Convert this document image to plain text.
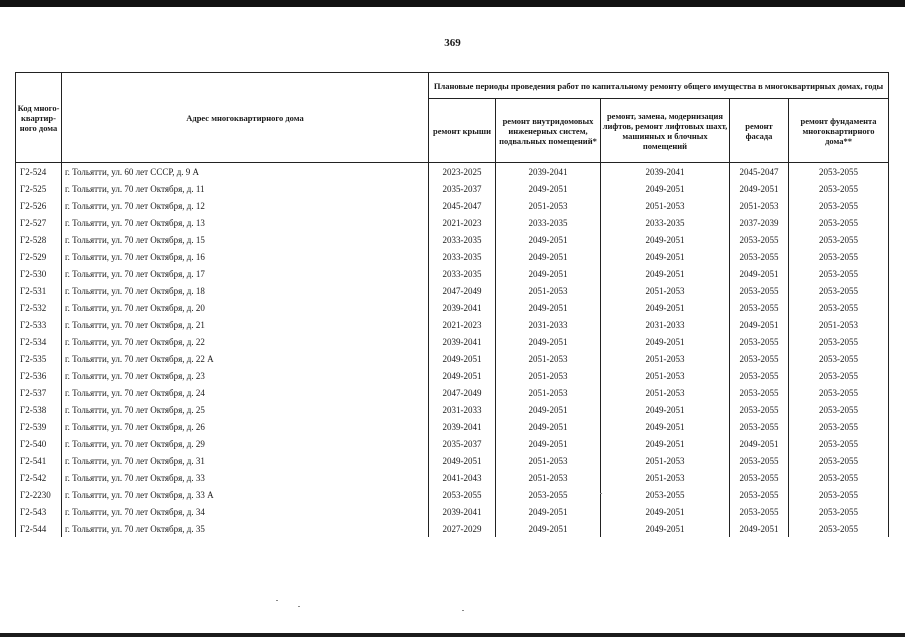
369
Код много-квартир-ного дома	Адрес многоквартирного дома	Плановые периоды проведения работ по капитальному ремонту общего имущества в многоквартирных домах, годы				
		ремонт крыши	ремонт внутридомовых инженерных систем, подвальных помещений*	ремонт, замена, модернизация лифтов, ремонт лифтовых шахт, машинных и блочных помещений	ремонт фасада	ремонт фундамента многоквартирного дома**
Г2-524	г. Тольятти, ул. 60 лет СССР, д. 9 А	2023-2025	2039-2041	2039-2041	2045-2047	2053-2055
Г2-525	г. Тольятти, ул. 70 лет Октября, д. 11	2035-2037	2049-2051	2049-2051	2049-2051	2053-2055
Г2-526	г. Тольятти, ул. 70 лет Октября, д. 12	2045-2047	2051-2053	2051-2053	2051-2053	2053-2055
Г2-527	г. Тольятти, ул. 70 лет Октября, д. 13	2021-2023	2033-2035	2033-2035	2037-2039	2053-2055
Г2-528	г. Тольятти, ул. 70 лет Октября, д. 15	2033-2035	2049-2051	2049-2051	2053-2055	2053-2055
Г2-529	г. Тольятти, ул. 70 лет Октября, д. 16	2033-2035	2049-2051	2049-2051	2053-2055	2053-2055
Г2-530	г. Тольятти, ул. 70 лет Октября, д. 17	2033-2035	2049-2051	2049-2051	2049-2051	2053-2055
Г2-531	г. Тольятти, ул. 70 лет Октября, д. 18	2047-2049	2051-2053	2051-2053	2053-2055	2053-2055
Г2-532	г. Тольятти, ул. 70 лет Октября, д. 20	2039-2041	2049-2051	2049-2051	2053-2055	2053-2055
Г2-533	г. Тольятти, ул. 70 лет Октября, д. 21	2021-2023	2031-2033	2031-2033	2049-2051	2051-2053
Г2-534	г. Тольятти, ул. 70 лет Октября, д. 22	2039-2041	2049-2051	2049-2051	2053-2055	2053-2055
Г2-535	г. Тольятти, ул. 70 лет Октября, д. 22 А	2049-2051	2051-2053	2051-2053	2053-2055	2053-2055
Г2-536	г. Тольятти, ул. 70 лет Октября, д. 23	2049-2051	2051-2053	2051-2053	2053-2055	2053-2055
Г2-537	г. Тольятти, ул. 70 лет Октября, д. 24	2047-2049	2051-2053	2051-2053	2053-2055	2053-2055
Г2-538	г. Тольятти, ул. 70 лет Октября, д. 25	2031-2033	2049-2051	2049-2051	2053-2055	2053-2055
Г2-539	г. Тольятти, ул. 70 лет Октября, д. 26	2039-2041	2049-2051	2049-2051	2053-2055	2053-2055
Г2-540	г. Тольятти, ул. 70 лет Октября, д. 29	2035-2037	2049-2051	2049-2051	2049-2051	2053-2055
Г2-541	г. Тольятти, ул. 70 лет Октября, д. 31	2049-2051	2051-2053	2051-2053	2053-2055	2053-2055
Г2-542	г. Тольятти, ул. 70 лет Октября, д. 33	2041-2043	2051-2053	2051-2053	2053-2055	2053-2055
Г2-2230	г. Тольятти, ул. 70 лет Октября, д. 33 А	2053-2055	2053-2055	2053-2055	2053-2055	2053-2055
Г2-543	г. Тольятти, ул. 70 лет Октября, д. 34	2039-2041	2049-2051	2049-2051	2053-2055	2053-2055
Г2-544	г. Тольятти, ул. 70 лет Октября, д. 35	2027-2029	2049-2051	2049-2051	2049-2051	2053-2055
